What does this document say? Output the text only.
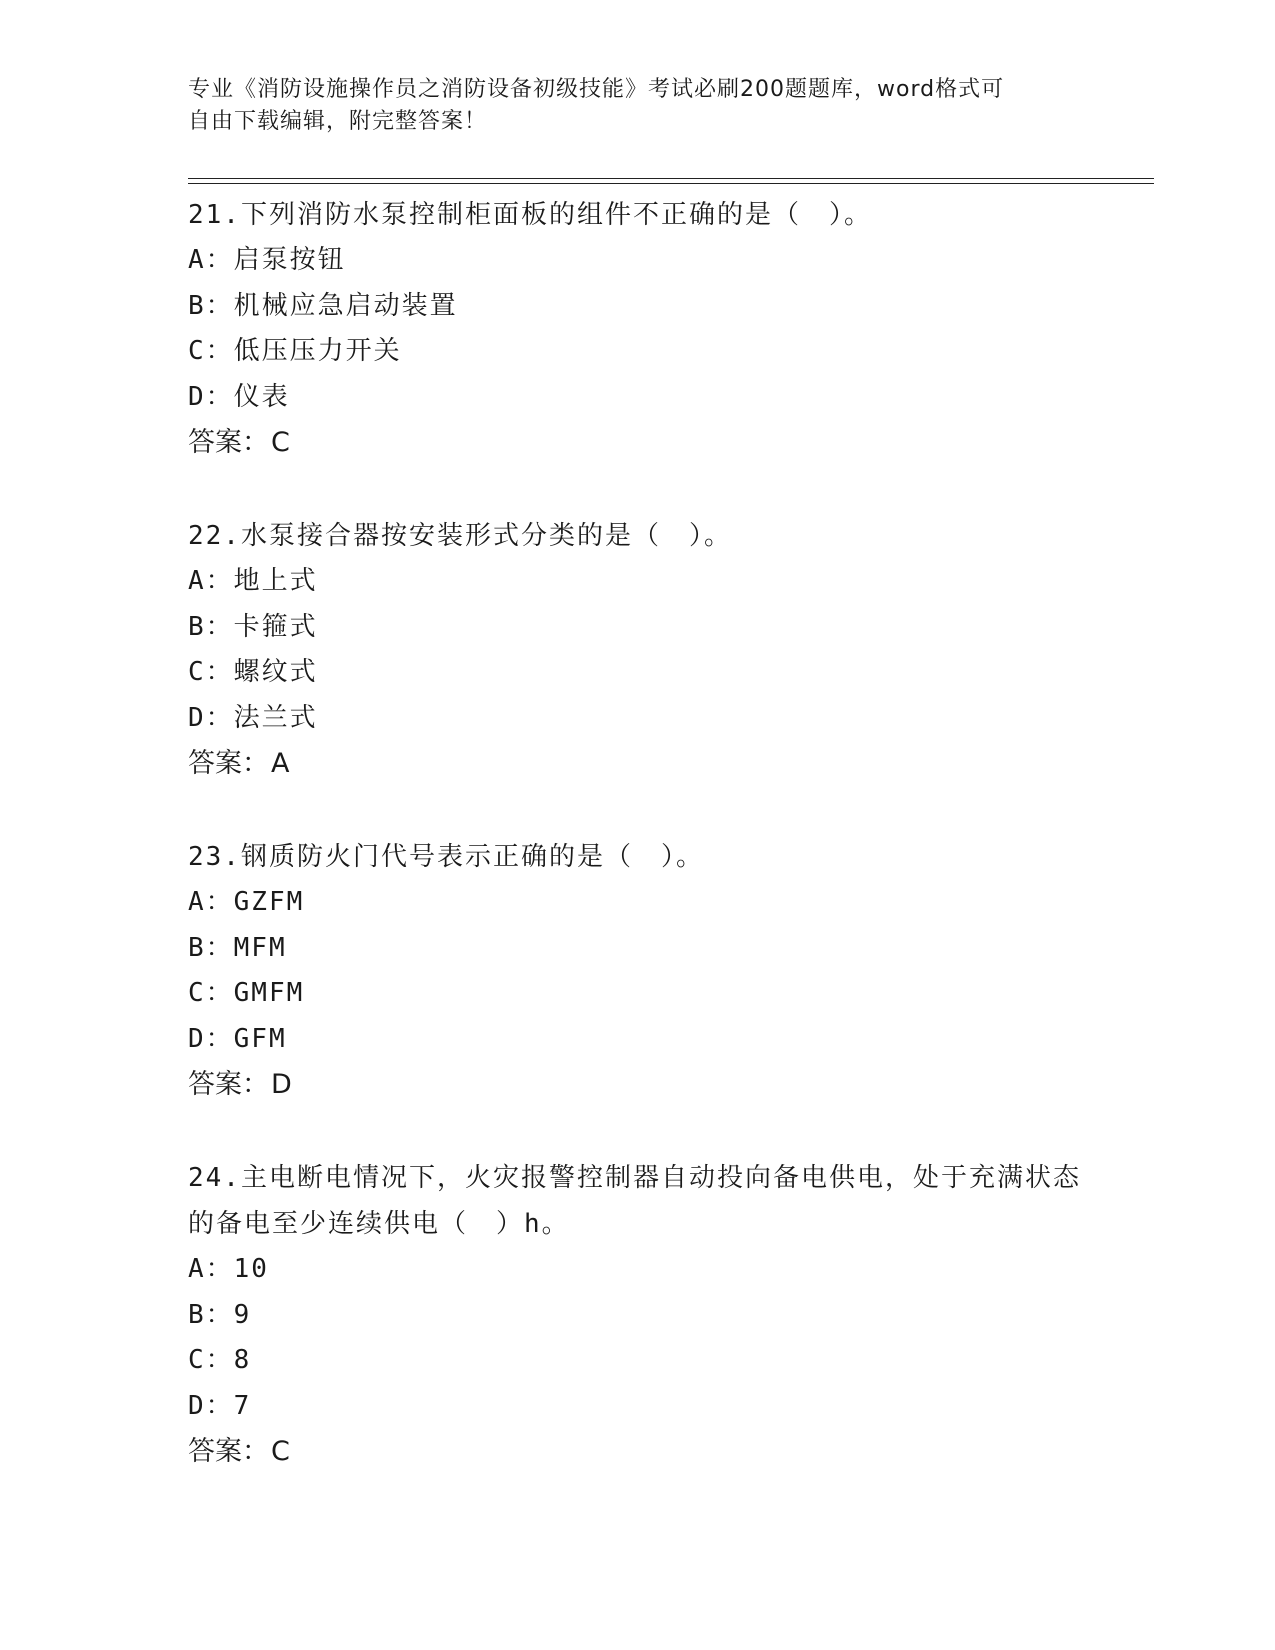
专业《消防设施操作员之消防设备初级技能》考试必刷200题题库，word格式可
自由下载编辑，附完整答案！

21.下列消防水泵控制柜面板的组件不正确的是（　）。

A：启泵按钮

B：机械应急启动装置

C：低压压力开关

D：仪表

答案：C

22.水泵接合器按安装形式分类的是（　）。

A：地上式

B：卡箍式

C：螺纹式

D：法兰式

答案：A

23.钢质防火门代号表示正确的是（　）。

A：GZFM

B：MFM

C：GMFM

D：GFM

答案：D

24.主电断电情况下，火灾报警控制器自动投向备电供电，处于充满状态的备电至少连续供电（　）h。

A：10

B：9

C：8

D：7

答案：C
